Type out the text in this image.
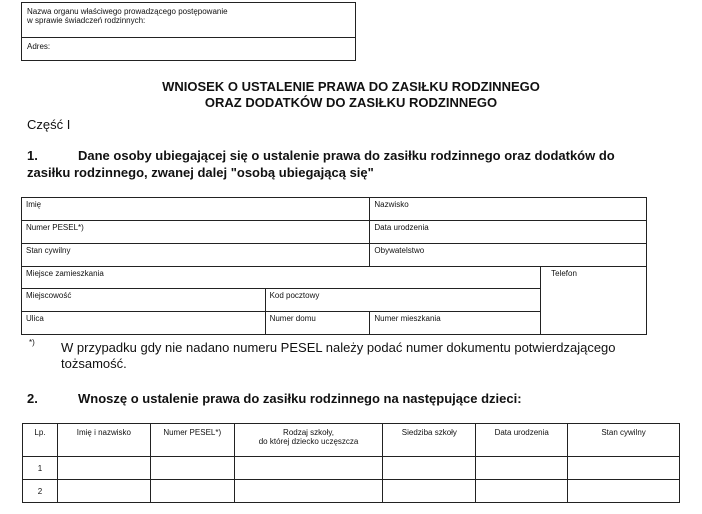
Nazwa organu właściwego prowadzącego postępowanie
w sprawie świadczeń rodzinnych:
Adres:
WNIOSEK O USTALENIE PRAWA DO ZASIŁKU RODZINNEGO
ORAZ DODATKÓW DO ZASIŁKU RODZINNEGO
Część I
1.	Dane osoby ubiegającej się o ustalenie prawa do zasiłku rodzinnego oraz dodatków do
zasiłku rodzinnego, zwanej dalej "osobą ubiegającą się"
Imię		Nazwisko	

Numer PESEL*)		Data urodzenia	

Stan cywilny		Obywatelstwo	

Miejsce zamieszkania			Telefon

Miejscowość	Kod pocztowy		

Ulica	Numer domu	Numer mieszkania	
*) W przypadku gdy nie nadano numeru PESEL należy podać numer dokumentu potwierdzającego
tożsamość.
2.	Wnoszę o ustalenie prawa do zasiłku rodzinnego na następujące dzieci:
Lp.	Imię i nazwisko	Numer PESEL*)	Rodzaj szkoły,
do której dziecko uczęszcza	Siedziba szkoły	Data urodzenia	Stan cywilny
1						
2						
